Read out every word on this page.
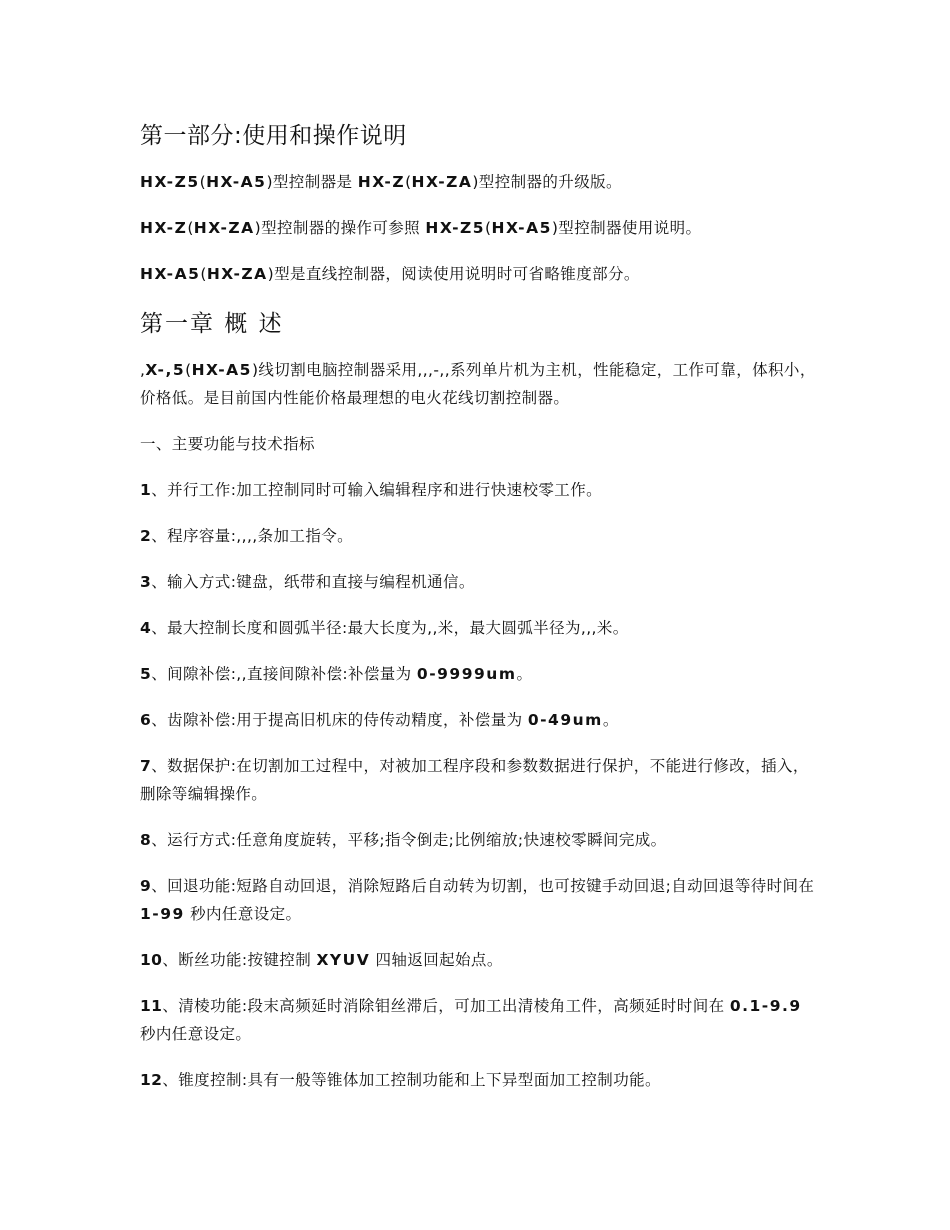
第一部分:使用和操作说明

HX-Z5(HX-A5)型控制器是 HX-Z(HX-ZA)型控制器的升级版。

HX-Z(HX-ZA)型控制器的操作可参照 HX-Z5(HX-A5)型控制器使用说明。

HX-A5(HX-ZA)型是直线控制器，阅读使用说明时可省略锥度部分。

第一章 概 述

,X-,5(HX-A5)线切割电脑控制器采用,,,-,,系列单片机为主机，性能稳定，工作可靠，体积小，价格低。是目前国内性能价格最理想的电火花线切割控制器。

一、主要功能与技术指标

1、并行工作:加工控制同时可输入编辑程序和进行快速校零工作。

2、程序容量:,,,,条加工指令。

3、输入方式:键盘，纸带和直接与编程机通信。

4、最大控制长度和圆弧半径:最大长度为,,米，最大圆弧半径为,,,米。

5、间隙补偿:,,直接间隙补偿:补偿量为 0-9999um。

6、齿隙补偿:用于提高旧机床的侍传动精度，补偿量为 0-49um。

7、数据保护:在切割加工过程中，对被加工程序段和参数数据进行保护，不能进行修改，插入，删除等编辑操作。

8、运行方式:任意角度旋转，平移;指令倒走;比例缩放;快速校零瞬间完成。

9、回退功能:短路自动回退，消除短路后自动转为切割，也可按键手动回退;自动回退等待时间在 1-99 秒内任意设定。

10、断丝功能:按键控制 XYUV 四轴返回起始点。

11、清棱功能:段末高频延时消除钼丝滞后，可加工出清棱角工件，高频延时时间在 0.1-9.9 秒内任意设定。

12、锥度控制:具有一般等锥体加工控制功能和上下异型面加工控制功能。
